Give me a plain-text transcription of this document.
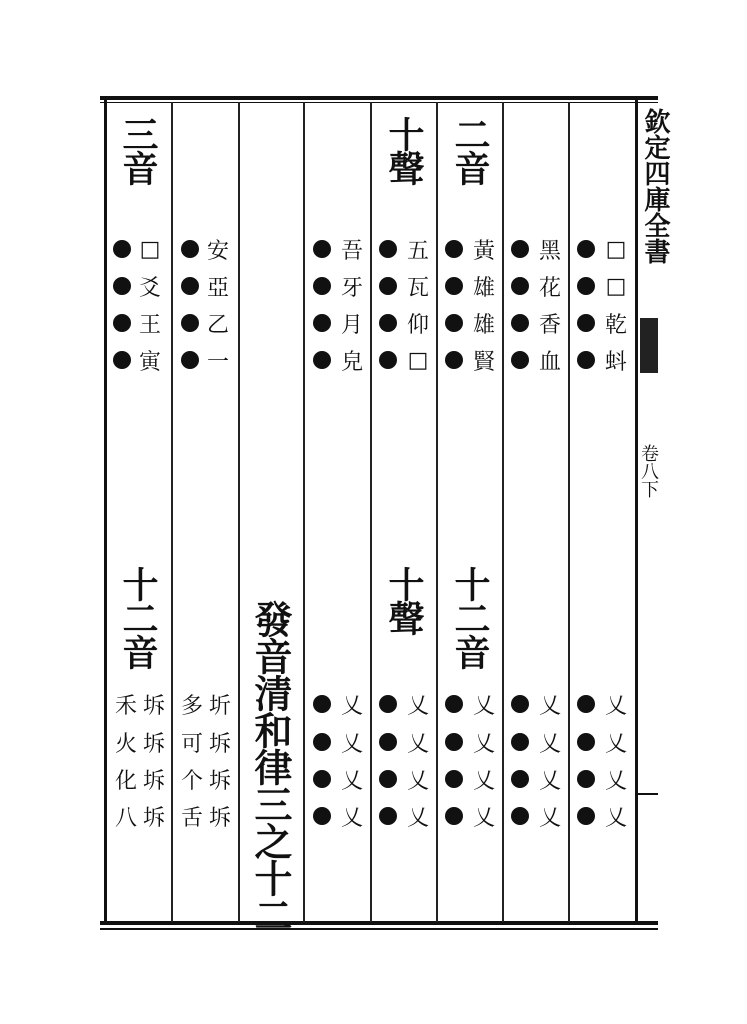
欽定四庫全書
卷八下
發音清和律三之十二
三音
十二音
十聲
十聲
二音
十二音
□	安
爻	亞
王	乙
寅	一
吾	五	黃	黑	□
牙	瓦	雄	花	□
月	仰	雄	香	乾
皃	□	賢	血	蚪
禾 坼 多 圻
火 坼 可 坼
化 坼 个 坼
八 坼 舌 坼
乂	乂	乂	乂	乂
乂	乂	乂	乂	乂
乂	乂	乂	乂	乂
乂	乂	乂	乂	乂
